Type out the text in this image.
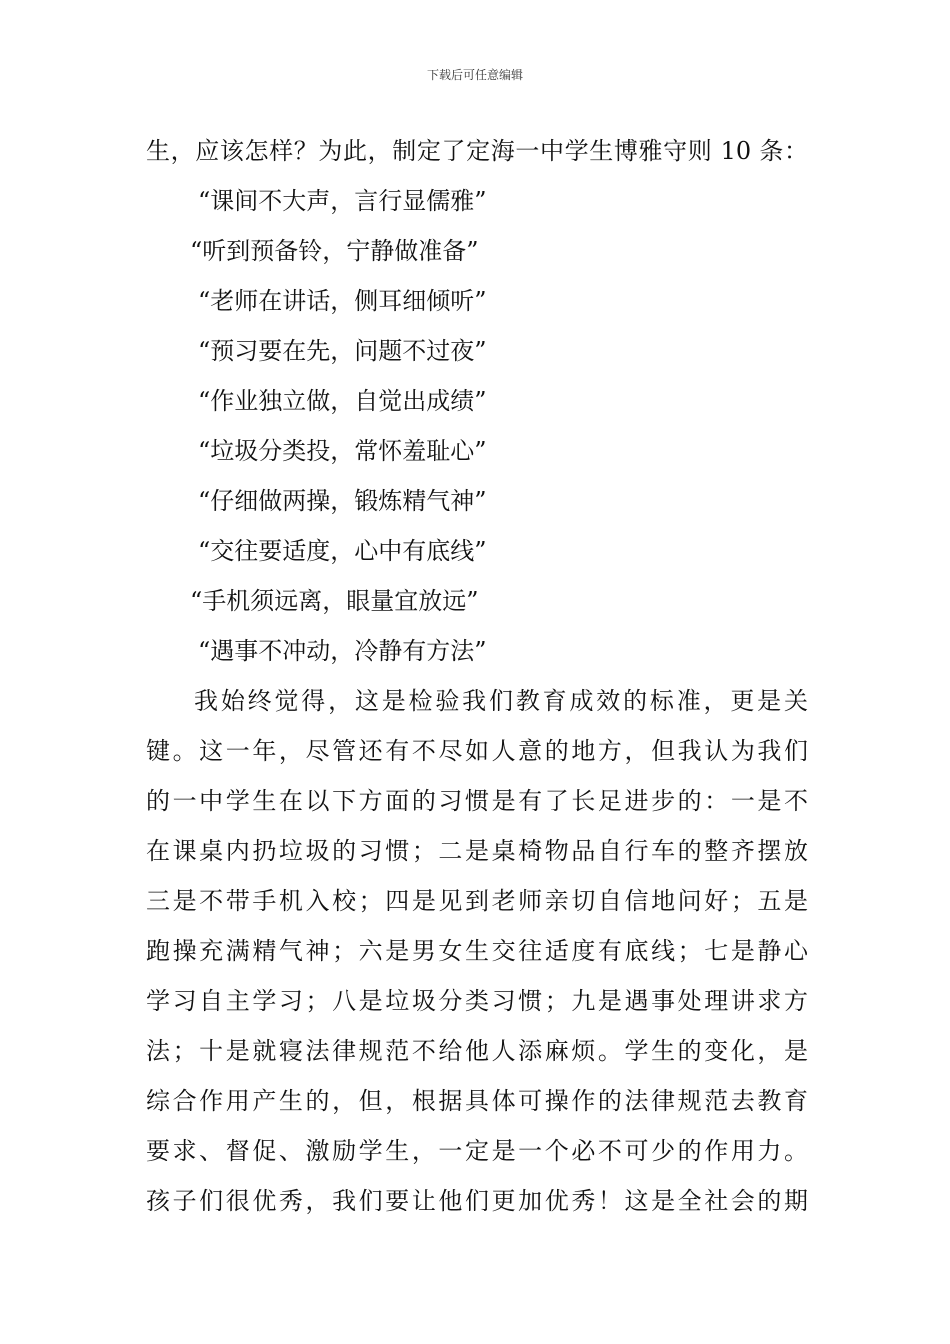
下载后可任意编辑
生，应该怎样？为此，制定了定海一中学生博雅守则 10 条：
“课间不大声，言行显儒雅”
“听到预备铃，宁静做准备”
“老师在讲话，侧耳细倾听”
“预习要在先，问题不过夜”
“作业独立做，自觉出成绩”
“垃圾分类投，常怀羞耻心”
“仔细做两操，锻炼精气神”
“交往要适度，心中有底线”
“手机须远离，眼量宜放远”
“遇事不冲动，冷静有方法”
我始终觉得，这是检验我们教育成效的标准，更是关
键。这一年，尽管还有不尽如人意的地方，但我认为我们
的一中学生在以下方面的习惯是有了长足进步的：一是不
在课桌内扔垃圾的习惯；二是桌椅物品自行车的整齐摆放
三是不带手机入校；四是见到老师亲切自信地问好；五是
跑操充满精气神；六是男女生交往适度有底线；七是静心
学习自主学习；八是垃圾分类习惯；九是遇事处理讲求方
法；十是就寝法律规范不给他人添麻烦。学生的变化，是
综合作用产生的，但，根据具体可操作的法律规范去教育
要求、督促、激励学生，一定是一个必不可少的作用力。
孩子们很优秀，我们要让他们更加优秀！这是全社会的期
